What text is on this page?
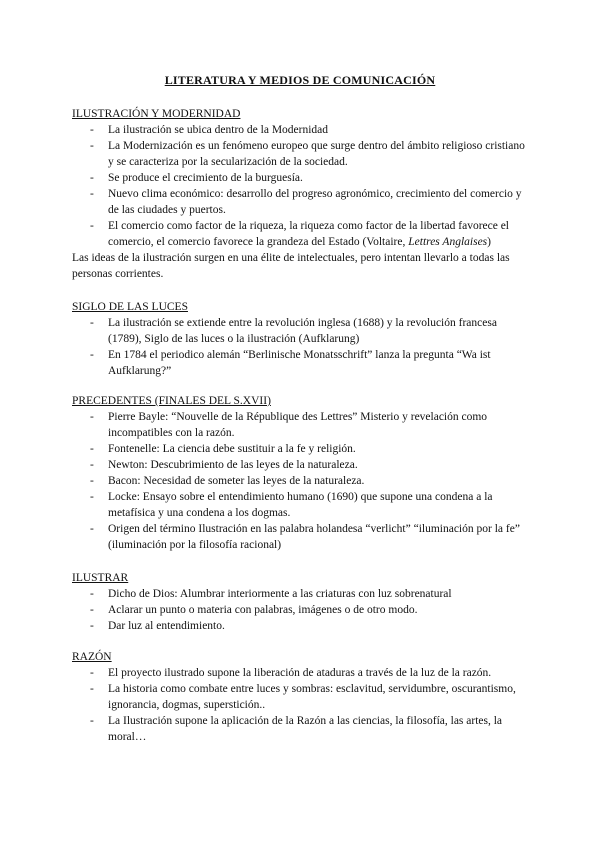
LITERATURA Y MEDIOS DE COMUNICACIÓN

ILUSTRACIÓN Y MODERNIDAD

- La ilustración se ubica dentro de la Modernidad
- La Modernización es un fenómeno europeo que surge dentro del ámbito religioso cristiano y se caracteriza por la secularización de la sociedad.
- Se produce el crecimiento de la burguesía.
- Nuevo clima económico: desarrollo del progreso agronómico, crecimiento del comercio y de las ciudades y puertos.
- El comercio como factor de la riqueza, la riqueza como factor de la libertad favorece el comercio, el comercio favorece la grandeza del Estado (Voltaire, Lettres Anglaises)

Las ideas de la ilustración surgen en una élite de intelectuales, pero intentan llevarlo a todas las personas corrientes.

SIGLO DE LAS LUCES

- La ilustración se extiende entre la revolución inglesa (1688) y la revolución francesa (1789), Siglo de las luces o la ilustración (Aufklarung)
- En 1784 el periodico alemán “Berlinische Monatsschrift” lanza la pregunta “Wa ist Aufklarung?”

PRECEDENTES (FINALES DEL S.XVII)

- Pierre Bayle: “Nouvelle de la République des Lettres” Misterio y revelación como incompatibles con la razón.
- Fontenelle: La ciencia debe sustituir a la fe y religión.
- Newton: Descubrimiento de las leyes de la naturaleza.
- Bacon: Necesidad de someter las leyes de la naturaleza.
- Locke: Ensayo sobre el entendimiento humano (1690) que supone una condena a la metafísica y una condena a los dogmas.
- Origen del término Ilustración en las palabra holandesa “verlicht” “iluminación por la fe” (iluminación por la filosofía racional)

ILUSTRAR

- Dicho de Dios: Alumbrar interiormente a las criaturas con luz sobrenatural
- Aclarar un punto o materia con palabras, imágenes o de otro modo.
- Dar luz al entendimiento.

RAZÓN

- El proyecto ilustrado supone la liberación de ataduras a través de la luz de la razón.
- La historia como combate entre luces y sombras: esclavitud, servidumbre, oscurantismo, ignorancia, dogmas, superstición..
- La Ilustración supone la aplicación de la Razón a las ciencias, la filosofía, las artes, la moral…
